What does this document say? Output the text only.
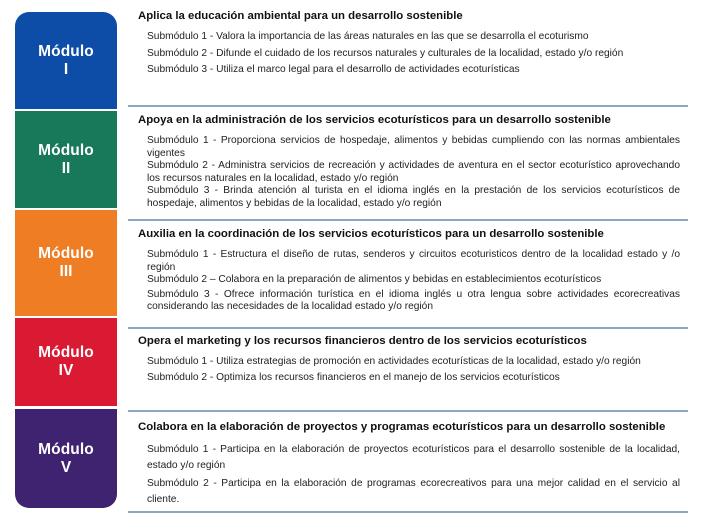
Módulo
I
Módulo
II
Módulo
III
Módulo
IV
Módulo
V
Aplica la educación ambiental para un desarrollo sostenible
Submódulo 1 - Valora la importancia de las áreas naturales en las que se desarrolla el ecoturismo
Submódulo 2 - Difunde el cuidado de los recursos naturales y culturales de la localidad, estado y/o región
Submódulo 3 - Utiliza el marco legal para el desarrollo de actividades ecoturísticas
Apoya en la administración de los servicios ecoturísticos para un desarrollo sostenible
Submódulo 1 - Proporciona servicios de hospedaje, alimentos y bebidas cumpliendo con las normas ambientales vigentes
Submódulo 2 - Administra servicios de recreación y actividades de aventura en el sector ecoturístico aprovechando los recursos naturales en la localidad, estado y/o región
Submódulo 3 - Brinda atención al turista en el idioma inglés en la prestación de los servicios ecoturísticos de hospedaje, alimentos y bebidas de la localidad, estado y/o región
Auxilia en la coordinación de los servicios ecoturísticos para un desarrollo sostenible
Submódulo 1 - Estructura el diseño de rutas, senderos y circuitos ecoturisticos dentro de la localidad estado y /o región
Submódulo 2 – Colabora en la preparación de alimentos y bebidas en establecimientos ecoturísticos
Submódulo 3 - Ofrece información turística en el idioma inglés u otra lengua sobre actividades ecorecreativas considerando las necesidades de la localidad estado y/o región
Opera el marketing y los recursos financieros dentro de los servicios ecoturísticos
Submódulo 1 - Utiliza estrategias de promoción en actividades ecoturísticas de la localidad, estado y/o región
Submódulo 2 - Optimiza los recursos financieros en el manejo de los servicios ecoturísticos
Colabora en la elaboración de proyectos y programas ecoturísticos para un desarrollo sostenible
Submódulo 1 - Participa en la elaboración de proyectos ecoturísticos para el desarrollo sostenible de la localidad, estado y/o región
Submódulo 2 - Participa en la elaboración de programas ecorecreativos para una mejor calidad en el servicio al cliente.
